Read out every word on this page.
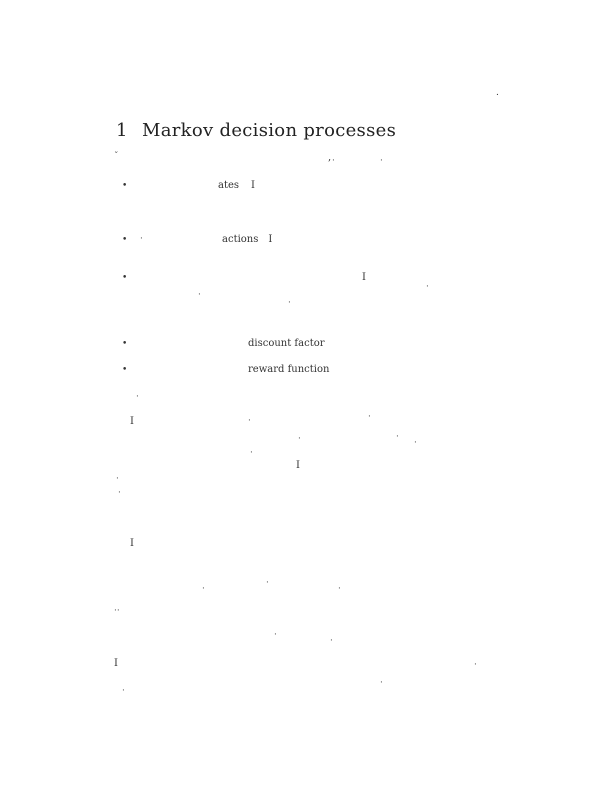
.
1 Markov decision processes
ˇ	,
•	ates I
•	actions I
•	I
•	discount factor
•	reward function
I
I
I
I
·
·	·
·	·
·
·
·
·
·
·
·
··
·
·
·
·
·
·
·
·
·
·	·
